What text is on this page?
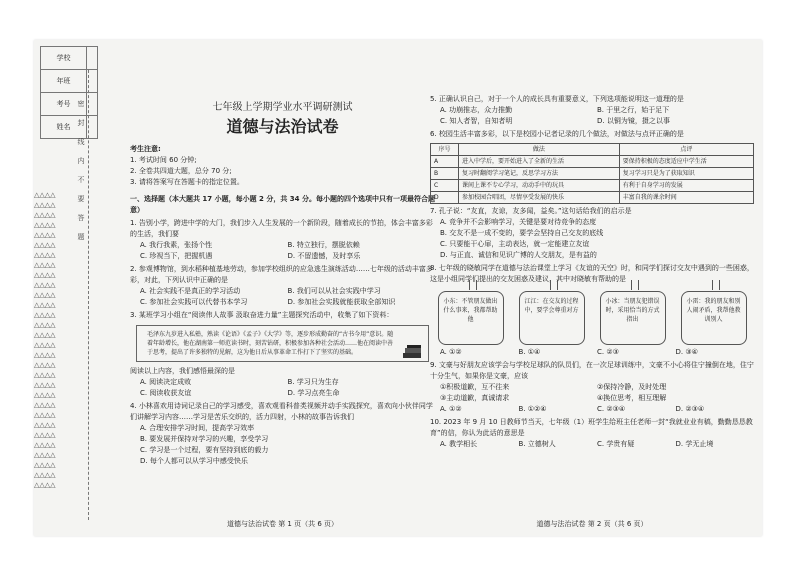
学校	
年班	
考号	
姓名	
△△△△
△△△△
△△△△
△△△△
△△△△
△△△△
△△△△
△△△△
△△△△
△△△△
△△△△
△△△△
△△△△
△△△△
△△△△
△△△△
△△△△
△△△△
△△△△
△△△△
△△△△
△△△△
△△△△
△△△△
△△△△
△△△△
△△△△
△△△△
△△△△
△△△△
密封线内不要答题	七年级上学期学业水平调研测试
道德与法治试卷
考生注意:
1. 考试时间 60 分钟;
2. 全卷共四道大题，总分 70 分;
3. 请将答案写在答题卡的指定位置。
一、选择题（本大题共 17 小题，每小题 2 分，共 34 分。每小题的四个选项中只有一项最符合题意）
1. 告别小学，跨进中学的大门，我们步入人生发展的一个新阶段，随着成长的节拍，体会丰富多彩的生活，我们要
A. 我行我素，张扬个性	B. 特立独行，摆脱依赖
C. 珍视当下，把握机遇	D. 不留遗憾，及时享乐
2. 参观博物馆，到水稻种植基地劳动，参加学校组织的应急逃生演练活动……七年级的活动丰富多彩，对此，下列认识中正确的是
A. 社会实践不是真正的学习活动	B. 我们可以从社会实践中学习
C. 参加社会实践可以代替书本学习	D. 参加社会实践就能获取全部知识
3. 某班学习小组在“阅读伟人故事 汲取奋进力量”主题探究活动中，收集了如下资料：
毛泽东九岁进入私塾，熟读《论语》《孟子》《大学》等，逐步形成勤奋的“古书今用”意识。随着年龄增长，他在湖南第一师范读书时，刻苦钻研，积极参加各种社会活动……他在阅读中善于思考，提出了许多独特的见解，这为他日后从事革命工作打下了坚实的基础。
阅读以上内容，我们感悟最深的是
A. 阅读决定成败	B. 学习只为生存
C. 阅读收获友谊	D. 学习点亮生命
4. 小林喜欢用诗词记录自己的学习感受，喜欢观看科普类视频并动手实践探究，喜欢向小伙伴同学们讲解学习内容……学习是苦乐交织的，活力四射，小林的故事告诉我们
A. 合理安排学习时间，提高学习效率
B. 要发展并保持对学习的兴趣，享受学习
C. 学习是一个过程，要有坚持到底的毅力
D. 每个人都可以从学习中感受快乐
道德与法治试卷 第 1 页（共 6 页）
5. 正确认识自己，对于一个人的成长具有重要意义，下列选项能说明这一道理的是
A. 功崩推志，众力推勤	B. 于里之行，始于足下
C. 知人者智，自知者明	D. 以铜为镜，摄之以事
6. 校园生活丰富多彩，以下是校园小记者记录的几个做法，对做法与点评正确的是
序号	做法	点评
A	进入中学后，要开始进入了全新的生活	要保持积极的态度适应中学生活
B	复习时翻阅学习笔记，反思学习方法	复习学习只是为了获取知识
C	课间上课不专心学习，动动手中的玩具	有利于自身学习的发展
D	参加校园合唱团，尽情享受发展的快乐	丰富自我的课余时间
7. 孔子说：“友直，友谅，友多闻，益矣。”这句话给我们的启示是
A. 竞争并不会影响学习，关键是要对待竞争的态度
B. 交友不是一成不变的，要学会坚持自己交友的底线
C. 只要能干心扉，主动表达，就一定能建立友谊
D. 与正直、诚信和见识广博的人交朋友，是有益的
8. 七年级的晓敏同学在道德与法治课堂上学习《友谊的天空》时，和同学们探讨交友中遇到的一些困惑，这是小组同学们提出的交友困惑及建议，其中对晓敏有帮助的是
小东：不管朋友做出什么事来，我都帮助他
江江：在交友的过程中，要学会尊重对方
小冰：当朋友犯错误时，采用恰当的方式指出
小雷：我的朋友和别人闹矛盾，我帮他教训别人
A. ①②	B. ①④	C. ②③	D. ③④
9. 文豪与好朋友应该学会与学校足球队的队员们，在一次足球训练中，文豪不小心将住宁撞倒在地，住宁十分生气，如果你是文豪，应该
①积极道歉，互不往来	②保持冷静，及时处理
③主动道歉，真诚请求	④换位思考，相互理解
A. ①②	B. ①②④	C. ②③④	D. ②③④
10. 2023 年 9 月 10 日教师节当天，七年级（1）班学生给班主任老师一封“我就业业有稿，勤勤恳恳教育”的信，你认为此话的意思是
A. 教学相长	B. 立德树人	C. 学贵有疑	D. 学无止境
道德与法治试卷 第 2 页（共 6 页）
